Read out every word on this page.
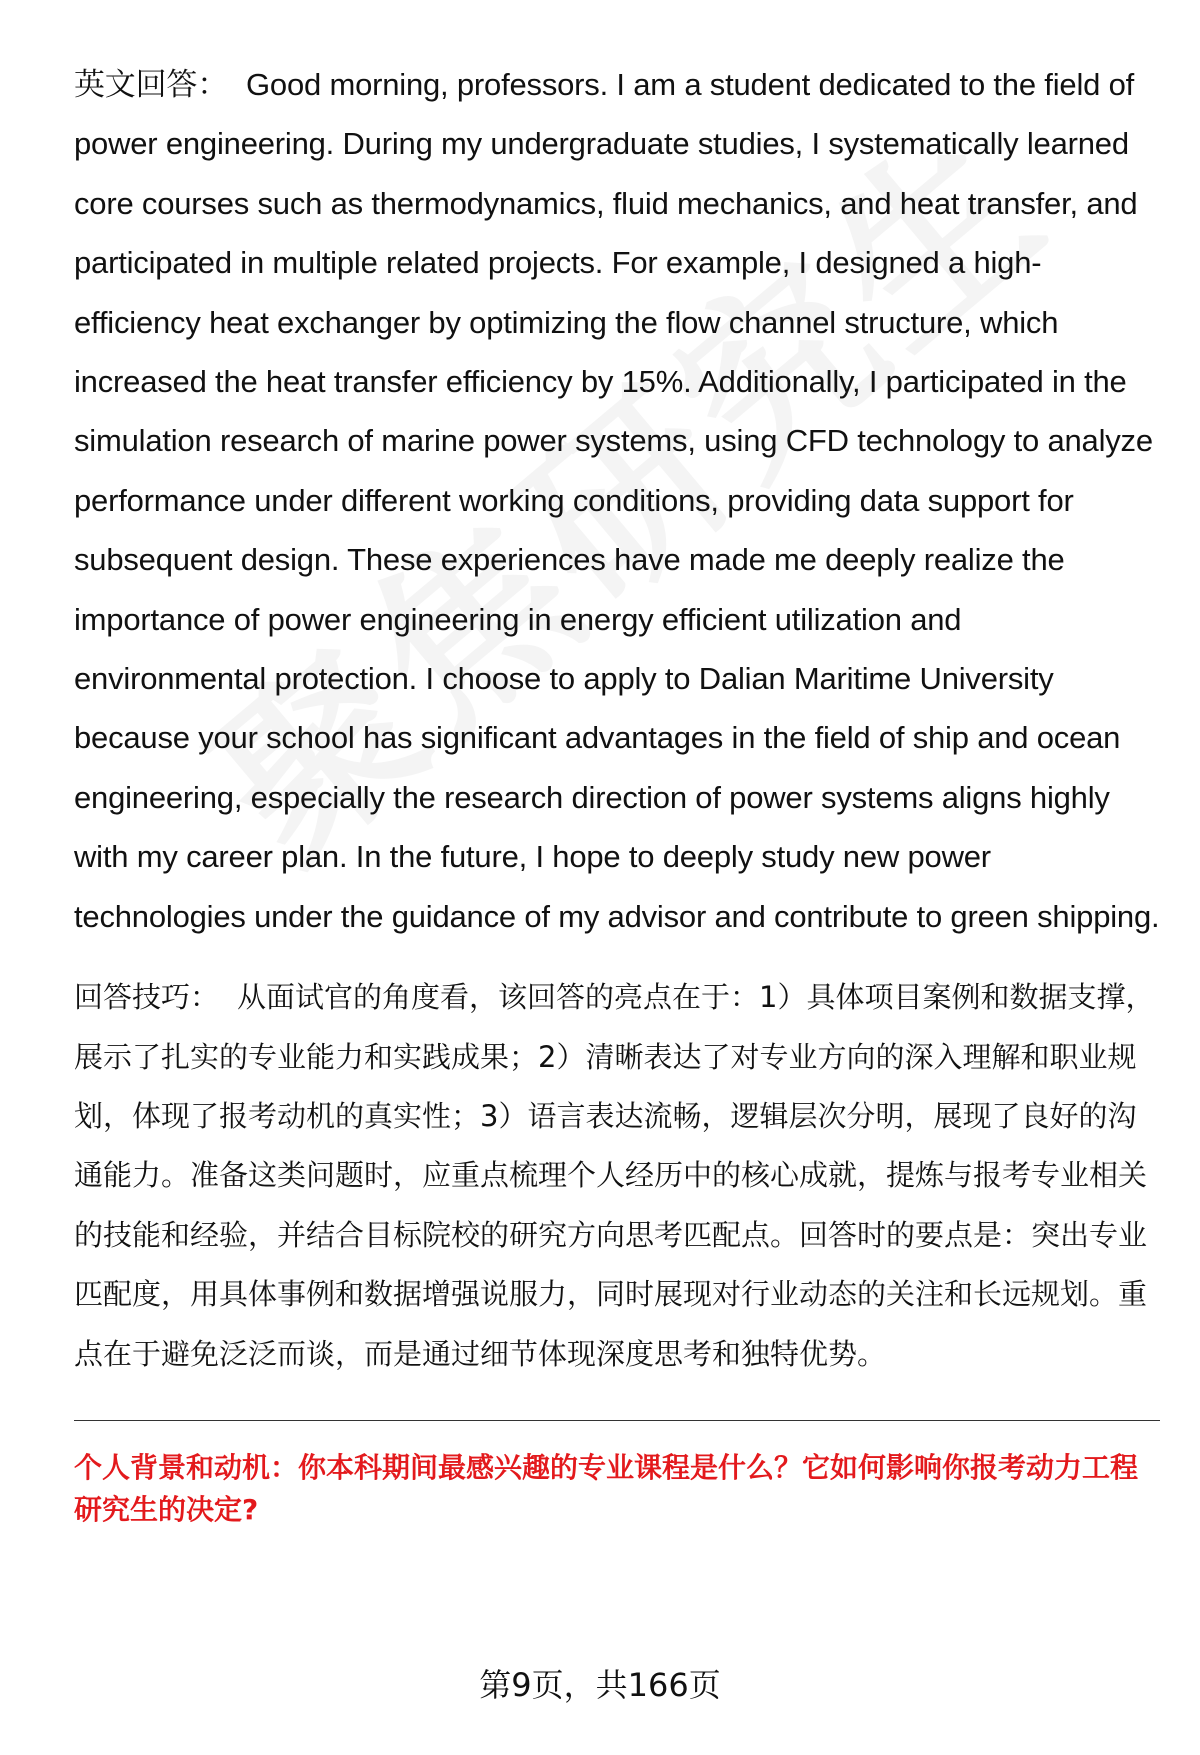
英文回答： Good morning, professors. I am a student dedicated to the field of power engineering. During my undergraduate studies, I systematically learned core courses such as thermodynamics, fluid mechanics, and heat transfer, and participated in multiple related projects. For example, I designed a high-efficiency heat exchanger by optimizing the flow channel structure, which increased the heat transfer efficiency by 15%. Additionally, I participated in the simulation research of marine power systems, using CFD technology to analyze performance under different working conditions, providing data support for subsequent design. These experiences have made me deeply realize the importance of power engineering in energy efficient utilization and environmental protection. I choose to apply to Dalian Maritime University because your school has significant advantages in the field of ship and ocean engineering, especially the research direction of power systems aligns highly with my career plan. In the future, I hope to deeply study new power technologies under the guidance of my advisor and contribute to green shipping.

回答技巧： 从面试官的角度看，该回答的亮点在于：1）具体项目案例和数据支撑，展示了扎实的专业能力和实践成果；2）清晰表达了对专业方向的深入理解和职业规划，体现了报考动机的真实性；3）语言表达流畅，逻辑层次分明，展现了良好的沟通能力。准备这类问题时，应重点梳理个人经历中的核心成就，提炼与报考专业相关的技能和经验，并结合目标院校的研究方向思考匹配点。回答时的要点是：突出专业匹配度，用具体事例和数据增强说服力，同时展现对行业动态的关注和长远规划。重点在于避免泛泛而谈，而是通过细节体现深度思考和独特优势。

个人背景和动机：你本科期间最感兴趣的专业课程是什么？它如何影响你报考动力工程研究生的决定?

第9页，共166页
